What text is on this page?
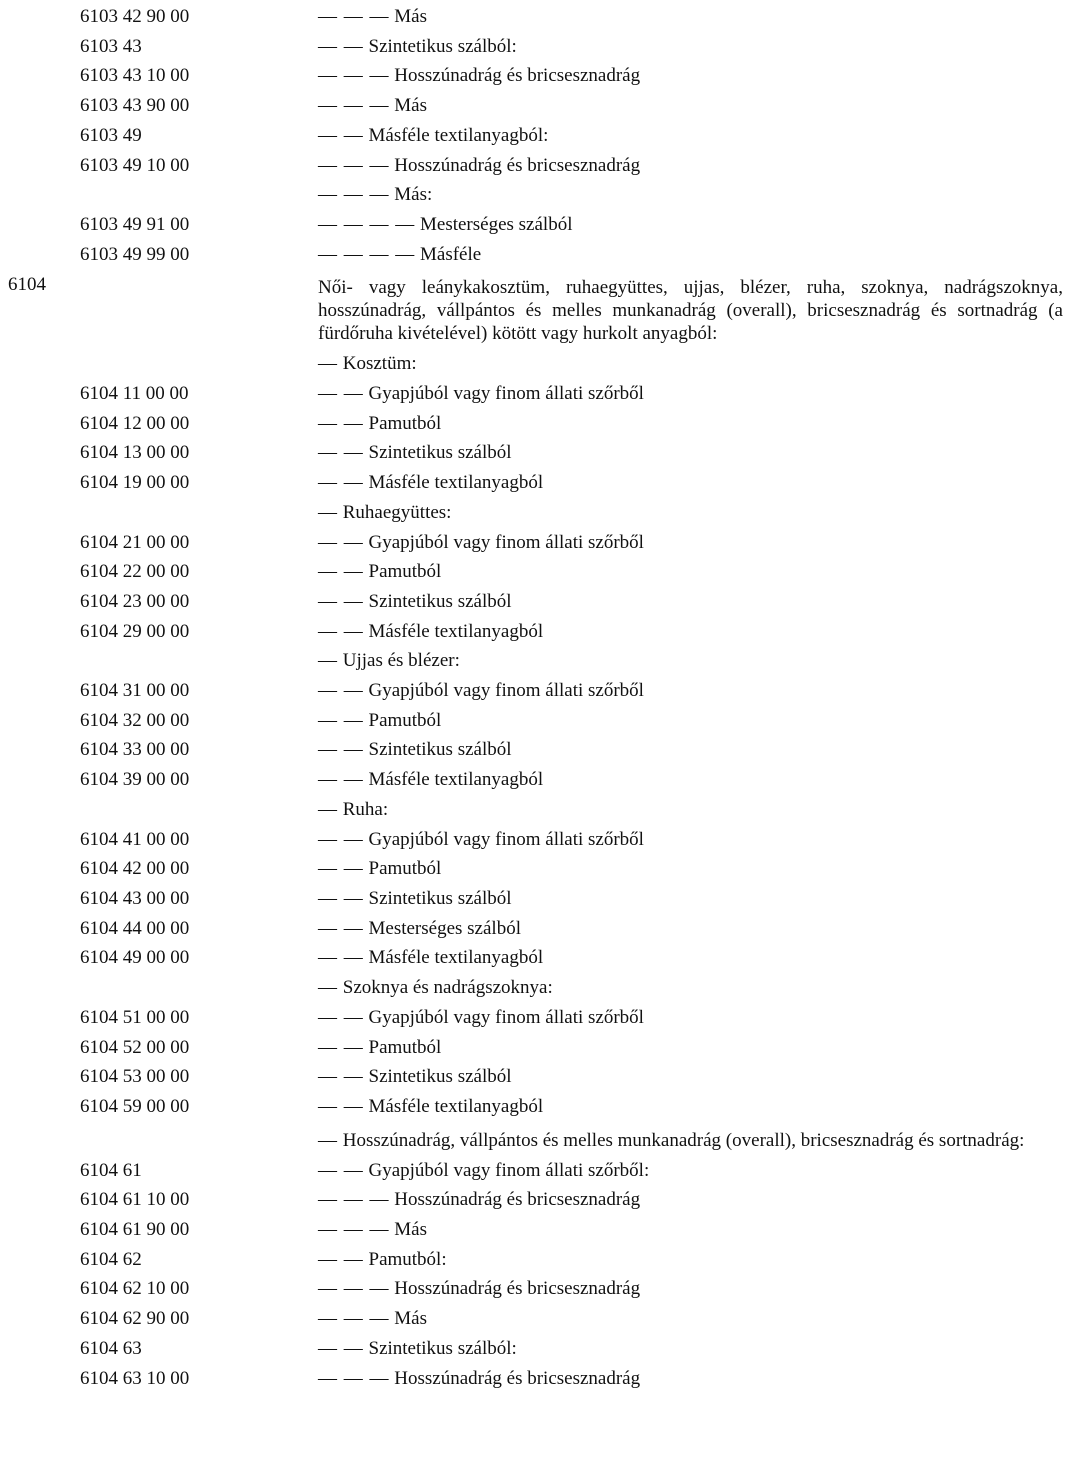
6103 42 90 00	— — — Más
6103 43	— — Szintetikus szálból:
6103 43 10 00	— — — Hosszúnadrág és bricsesznadrág
6103 43 90 00	— — — Más
6103 49	— — Másféle textilanyagból:
6103 49 10 00	— — — Hosszúnadrág és bricsesznadrág
— — — Más:
6103 49 91 00	— — — — Mesterséges szálból
6103 49 99 00	— — — — Másféle
6104	Női- vagy leánykakosztüm, ruhaegyüttes, ujjas, blézer, ruha, szoknya, nadrágszoknya, hosszúnadrág, vállpántos és melles munkanadrág (overall), bricsesznadrág és sortnadrág (a fürdőruha kivételével) kötött vagy hurkolt anyagból:
— Kosztüm:
6104 11 00 00	— — Gyapjúból vagy finom állati szőrből
6104 12 00 00	— — Pamutból
6104 13 00 00	— — Szintetikus szálból
6104 19 00 00	— — Másféle textilanyagból
— Ruhaegyüttes:
6104 21 00 00	— — Gyapjúból vagy finom állati szőrből
6104 22 00 00	— — Pamutból
6104 23 00 00	— — Szintetikus szálból
6104 29 00 00	— — Másféle textilanyagból
— Ujjas és blézer:
6104 31 00 00	— — Gyapjúból vagy finom állati szőrből
6104 32 00 00	— — Pamutból
6104 33 00 00	— — Szintetikus szálból
6104 39 00 00	— — Másféle textilanyagból
— Ruha:
6104 41 00 00	— — Gyapjúból vagy finom állati szőrből
6104 42 00 00	— — Pamutból
6104 43 00 00	— — Szintetikus szálból
6104 44 00 00	— — Mesterséges szálból
6104 49 00 00	— — Másféle textilanyagból
— Szoknya és nadrágszoknya:
6104 51 00 00	— — Gyapjúból vagy finom állati szőrből
6104 52 00 00	— — Pamutból
6104 53 00 00	— — Szintetikus szálból
6104 59 00 00	— — Másféle textilanyagból
— Hosszúnadrág, vállpántos és melles munkanadrág (overall), bricsesznadrág és sortnadrág:
6104 61	— — Gyapjúból vagy finom állati szőrből:
6104 61 10 00	— — — Hosszúnadrág és bricsesznadrág
6104 61 90 00	— — — Más
6104 62	— — Pamutból:
6104 62 10 00	— — — Hosszúnadrág és bricsesznadrág
6104 62 90 00	— — — Más
6104 63	— — Szintetikus szálból:
6104 63 10 00	— — — Hosszúnadrág és bricsesznadrág
